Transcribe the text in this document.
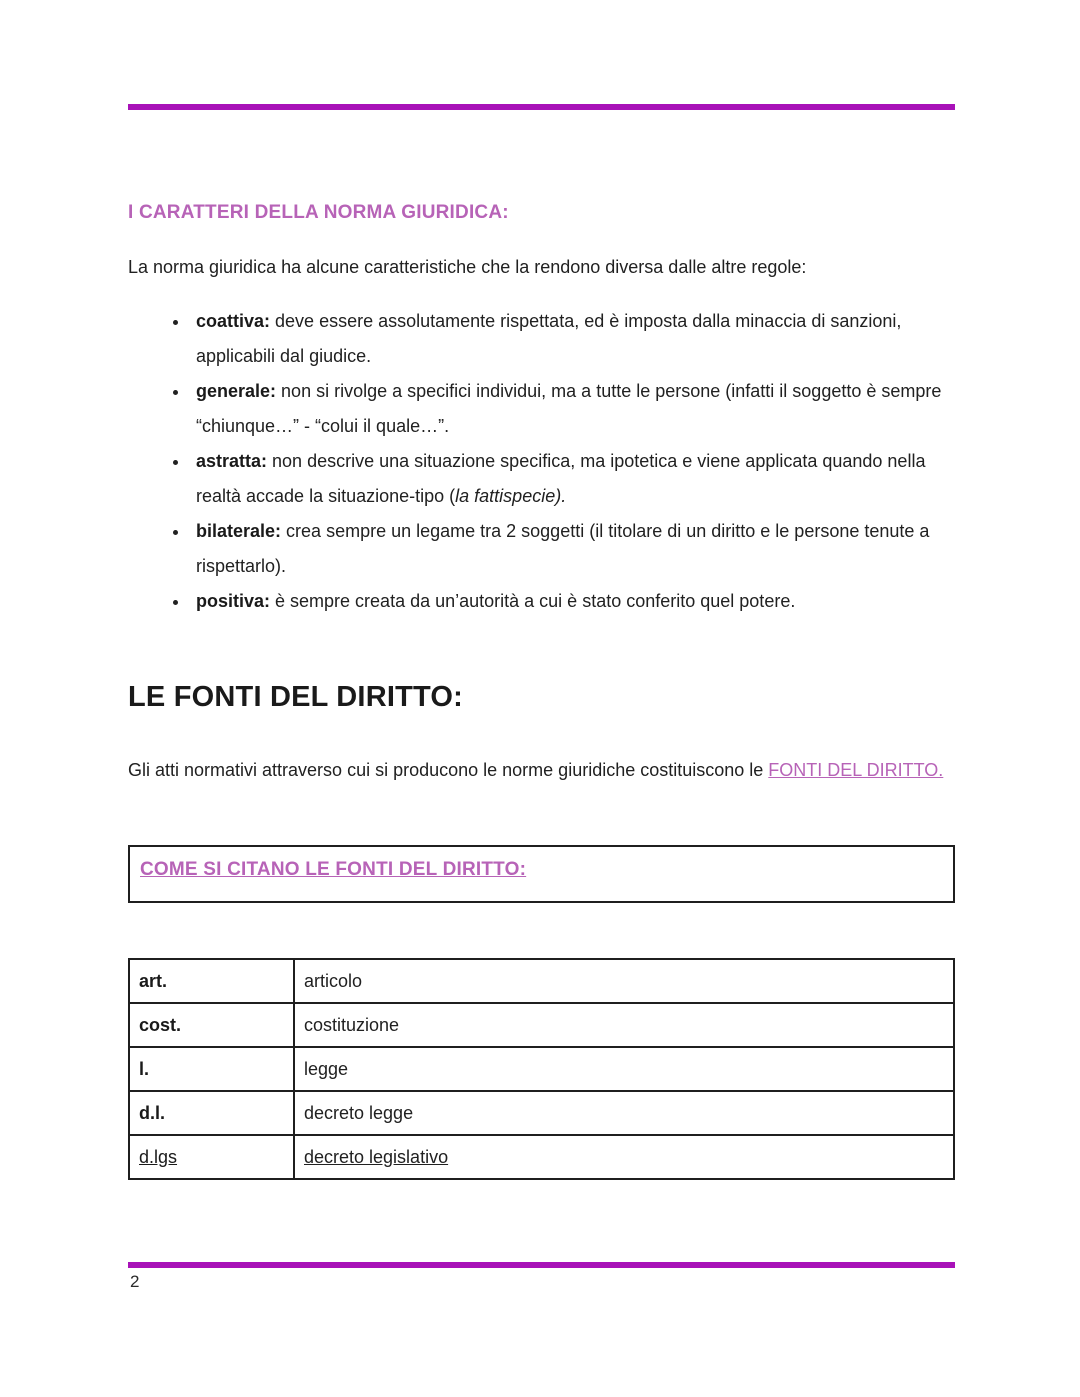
I CARATTERI DELLA NORMA GIURIDICA:

La norma giuridica ha alcune caratteristiche che la rendono diversa dalle altre regole:

• coattiva: deve essere assolutamente rispettata, ed è imposta dalla minaccia di sanzioni, applicabili dal giudice.
• generale: non si rivolge a specifici individui, ma a tutte le persone (infatti il soggetto è sempre “chiunque…” - “colui il quale…”.
• astratta: non descrive una situazione specifica, ma ipotetica e viene applicata quando nella realtà accade la situazione-tipo (la fattispecie).
• bilaterale: crea sempre un legame tra 2 soggetti (il titolare di un diritto e le persone tenute a rispettarlo).
• positiva: è sempre creata da un’autorità a cui è stato conferito quel potere.
LE FONTI DEL DIRITTO:

Gli atti normativi attraverso cui si producono le norme giuridiche costituiscono le FONTI DEL DIRITTO.

COME SI CITANO LE FONTI DEL DIRITTO:
art.	articolo
cost.	costituzione
l.	legge
d.l.	decreto legge
d.lgs	decreto legislativo
2
